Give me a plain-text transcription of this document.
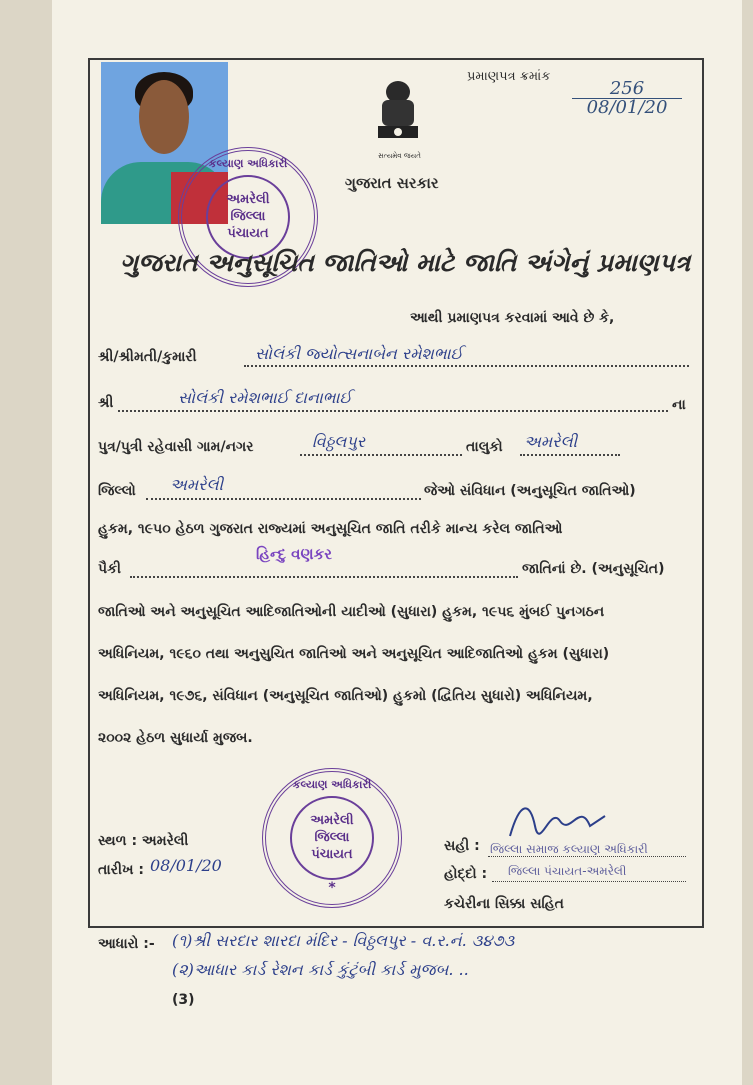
કલ્યાણ અધિકારી
અમરેલી
જિલ્લા
પંચાયત
સત્યમેવ જયતે
ગુજરાત સરકાર
પ્રમાણપત્ર ક્રમાંક
256
08/01/20
ગુજરાત અનુસૂચિત જાતિઓ માટે જાતિ અંગેનું પ્રમાણપત્ર
આથી પ્રમાણપત્ર કરવામાં આવે છે કે,
શ્રી/શ્રીમતી/કુમારી	સોલંકી જ્યોત્સનાબેન રમેશભાઈ
શ્રી	સોલંકી રમેશભાઈ દાનાભાઈ	ના
પુત્ર/પુત્રી રહેવાસી ગામ/નગર	વિઠ્ઠલપુર	તાલુકો અમરેલી
જિલ્લો અમરેલી	જેઓ સંવિધાન (અનુસૂચિત જાતિઓ)
હુકમ, ૧૯૫૦ હેઠળ ગુજરાત રાજ્યમાં અનુસૂચિત જાતિ તરીકે માન્ય કરેલ જાતિઓ
પૈકી
હિન્દુ વણકર
જાતિનાં છે. (અનુસૂચિત)
જાતિઓ અને અનુસૂચિત આદિજાતિઓની યાદીઓ (સુધારા) હુકમ, ૧૯૫૬ મુંબઈ પુનગઠન
અધિનિયમ, ૧૯૬૦ તથા અનુસુચિત જાતિઓ અને અનુસૂચિત આદિજાતિઓ હુકમ (સુધારા)
અધિનિયમ, ૧૯૭૬, સંવિધાન (અનુસૂચિત જાતિઓ) હુકમો (દ્વિતિય સુધારો) અધિનિયમ,
૨૦૦૨ હેઠળ સુધાર્યા મુજબ.
કલ્યાણ અધિકારી
અમરેલી
જિલ્લા
પંચાયત
*
સ્થળ : અમરેલી
તારીખ : 08/01/20
સહી : જિલ્લા સમાજ કલ્યાણ અધિકારી
હોદ્દો : જિલ્લા પંચાયત-અમરેલી
કચેરીના સિક્કા સહિત
આધારો :- (૧)શ્રી સરદાર શારદા મંદિર - વિઠ્ઠલપુર - વ.ર.નં. ૩૪૭૩
(૨)આધાર કાર્ડ રેશન કાર્ડ કુંટુંબી કાર્ડ મુજબ. ..
(3)
